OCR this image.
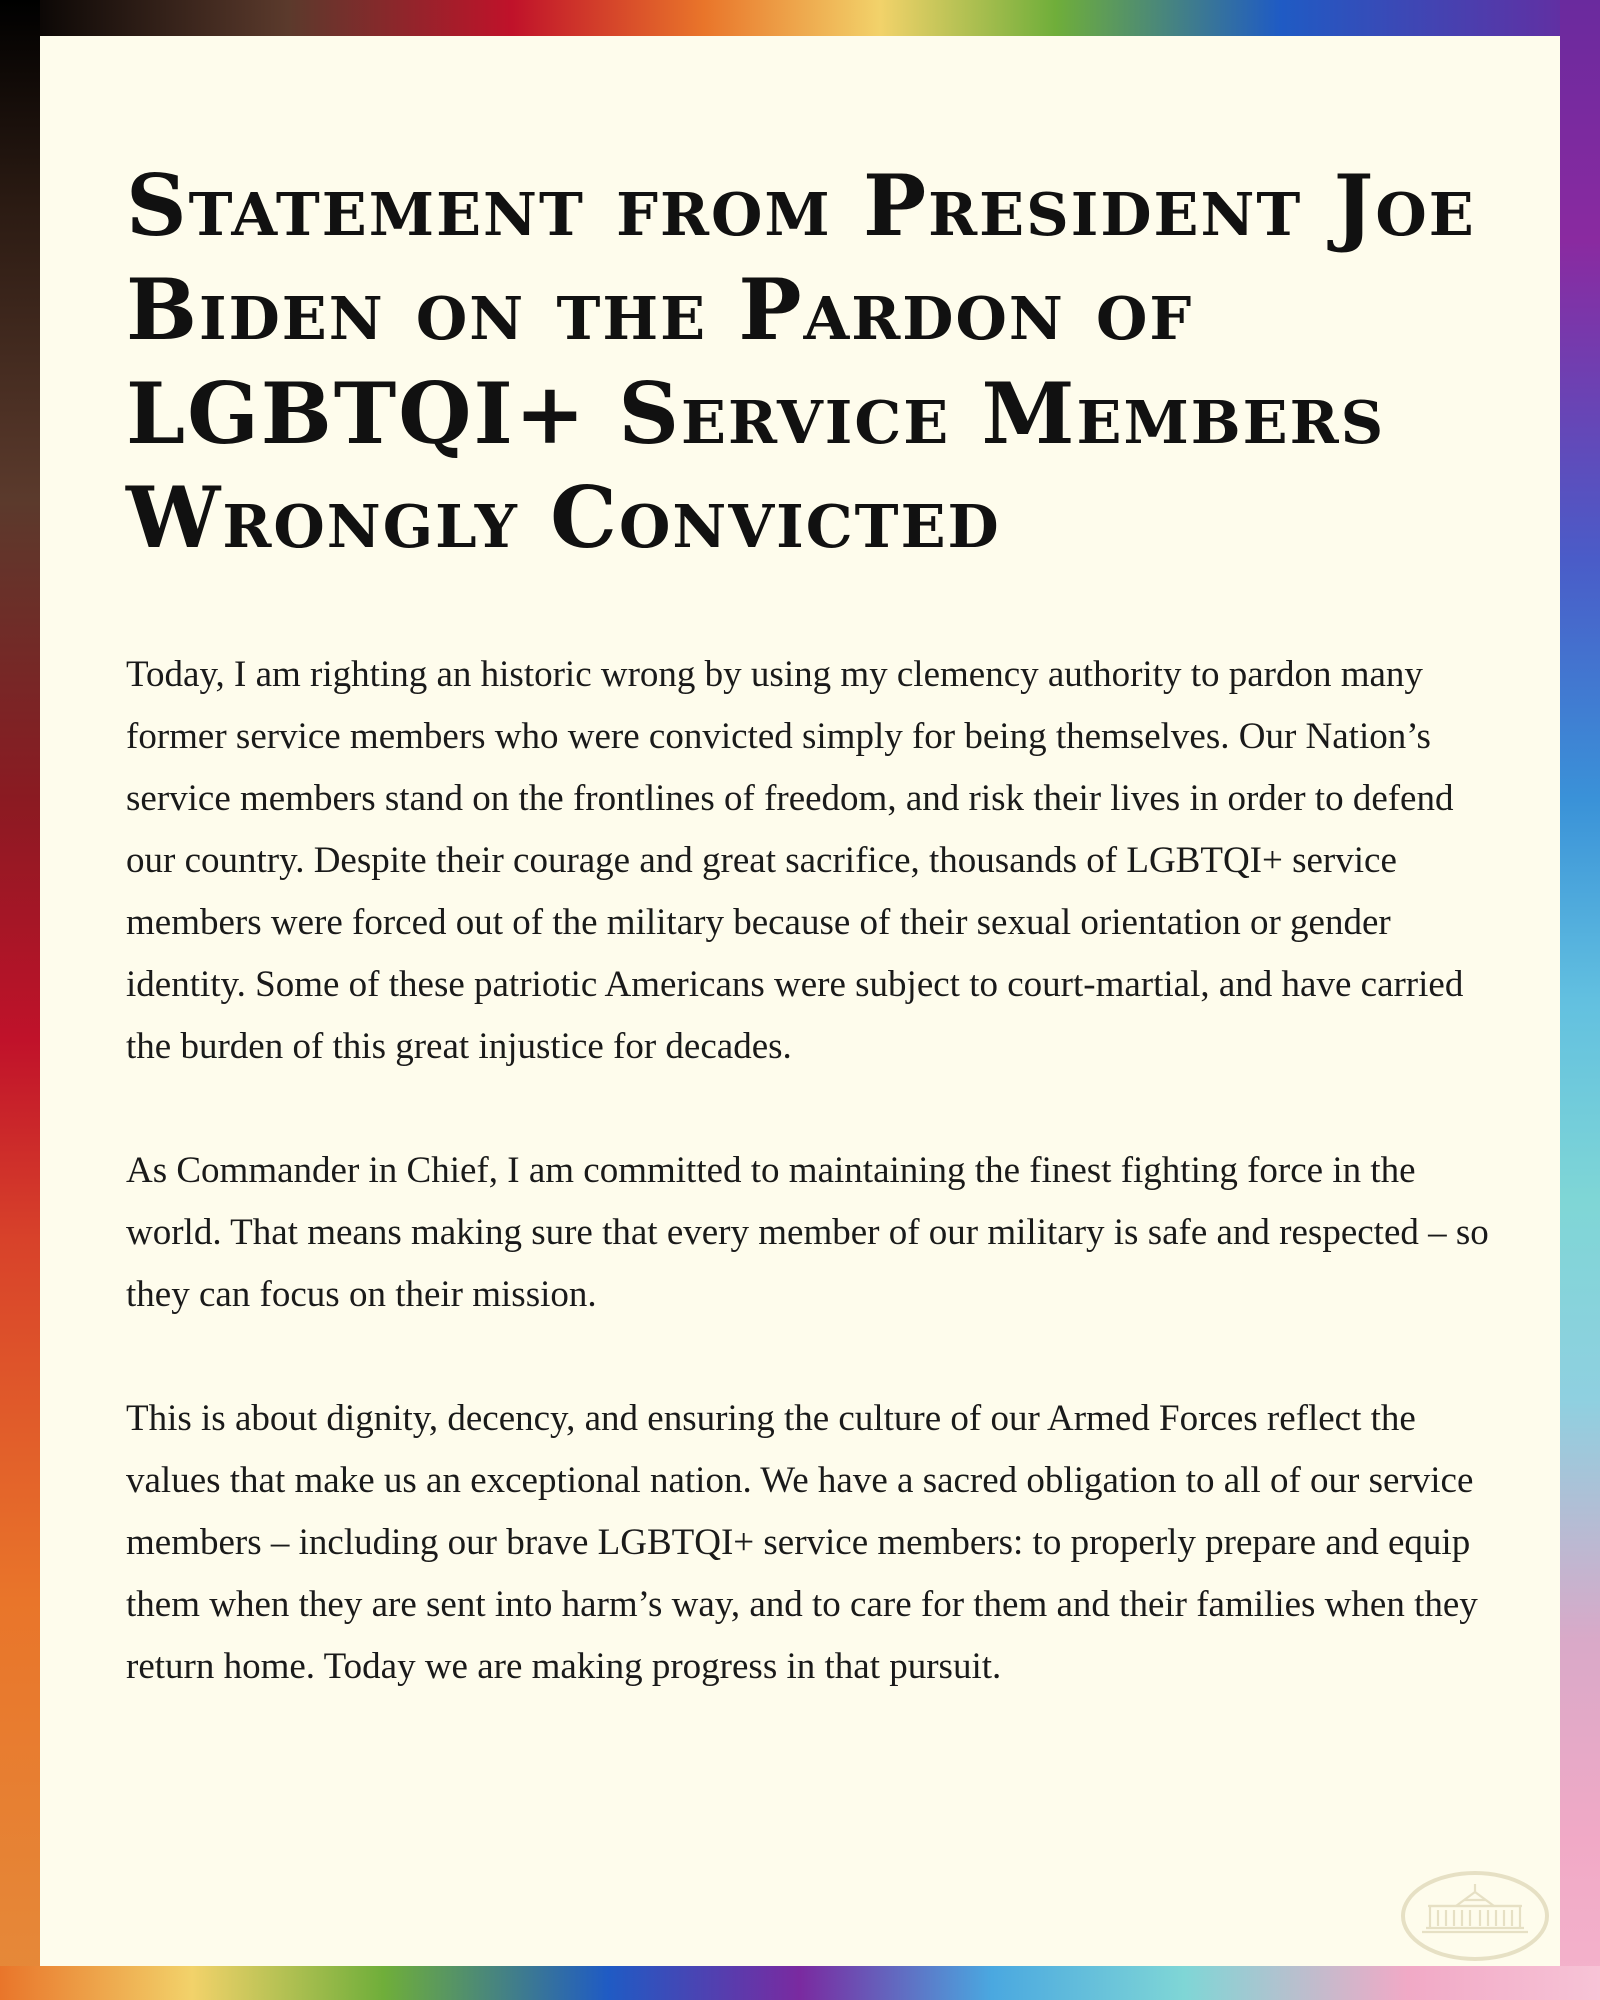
Statement from President Joe Biden on the Pardon of LGBTQI+ Service Members Wrongly Convicted

Today, I am righting an historic wrong by using my clemency authority to pardon many former service members who were convicted simply for being themselves. Our Nation’s service members stand on the frontlines of freedom, and risk their lives in order to defend our country. Despite their courage and great sacrifice, thousands of LGBTQI+ service members were forced out of the military because of their sexual orientation or gender identity. Some of these patriotic Americans were subject to court-martial, and have carried the burden of this great injustice for decades.

As Commander in Chief, I am committed to maintaining the finest fighting force in the world. That means making sure that every member of our military is safe and respected – so they can focus on their mission.

This is about dignity, decency, and ensuring the culture of our Armed Forces reflect the values that make us an exceptional nation. We have a sacred obligation to all of our service members – including our brave LGBTQI+ service members: to properly prepare and equip them when they are sent into harm’s way, and to care for them and their families when they return home. Today we are making progress in that pursuit.
